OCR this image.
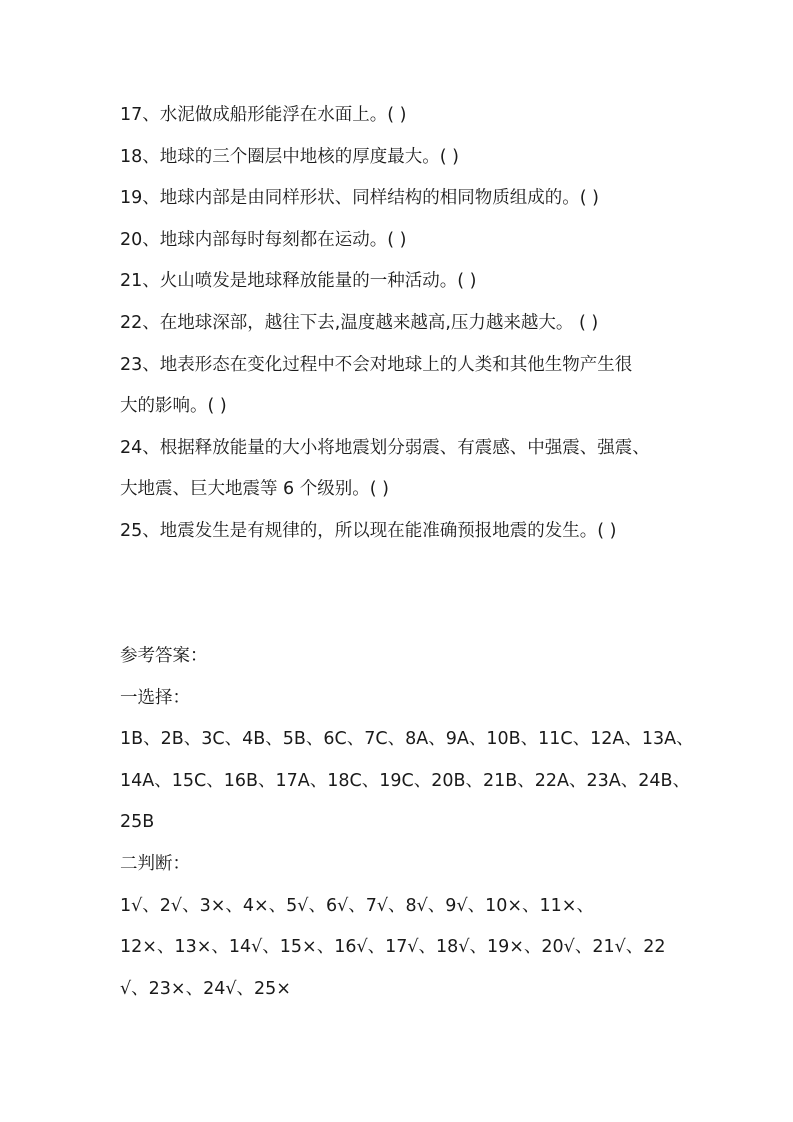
17、水泥做成船形能浮在水面上。( )
18、地球的三个圈层中地核的厚度最大。( )
19、地球内部是由同样形状、同样结构的相同物质组成的。( )
20、地球内部每时每刻都在运动。( )
21、火山喷发是地球释放能量的一种活动。( )
22、在地球深部，越往下去,温度越来越高,压力越来越大。 ( )
23、地表形态在变化过程中不会对地球上的人类和其他生物产生很
大的影响。( )
24、根据释放能量的大小将地震划分弱震、有震感、中强震、强震、
大地震、巨大地震等 6 个级别。( )
25、地震发生是有规律的，所以现在能准确预报地震的发生。( )
参考答案：
一选择：
1B、2B、3C、4B、5B、6C、7C、8A、9A、10B、11C、12A、13A、
14A、15C、16B、17A、18C、19C、20B、21B、22A、23A、24B、
25B
二判断：
1√、2√、3×、4×、5√、6√、7√、8√、9√、10×、11×、
12×、13×、14√、15×、16√、17√、18√、19×、20√、21√、22
√、23×、24√、25×
